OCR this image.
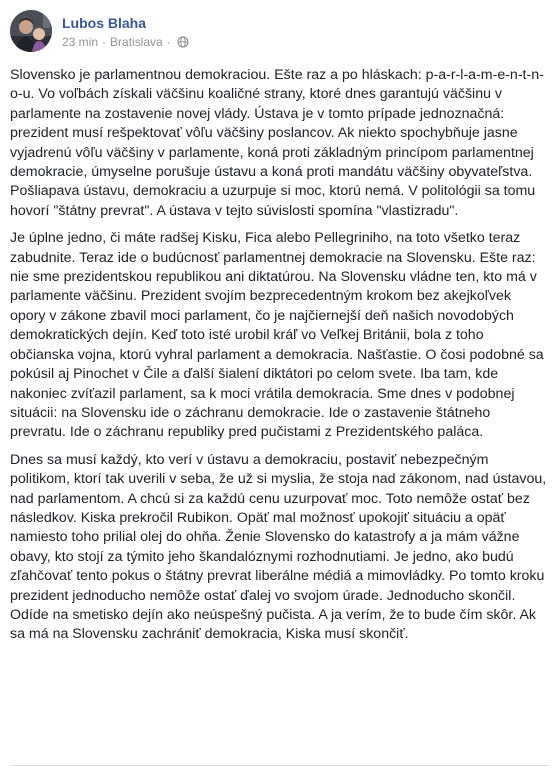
Lubos Blaha
23 min · Bratislava ·

Slovensko je parlamentnou demokraciou. Ešte raz a po hláskach: p-a-r-l-a-m-e-n-t-n-o-u. Vo voľbách získali väčšinu koaličné strany, ktoré dnes garantujú väčšinu v parlamente na zostavenie novej vlády. Ústava je v tomto prípade jednoznačná: prezident musí rešpektovať vôľu väčšiny poslancov. Ak niekto spochybňuje jasne vyjadrenú vôľu väčšiny v parlamente, koná proti základným princípom parlamentnej demokracie, úmyselne porušuje ústavu a koná proti mandátu väčšiny obyvateľstva. Pošliapava ústavu, demokraciu a uzurpuje si moc, ktorú nemá. V politológii sa tomu hovorí "štátny prevrat". A ústava v tejto súvislosti spomína "vlastizradu".

Je úplne jedno, či máte radšej Kisku, Fica alebo Pellegriniho, na toto všetko teraz zabudnite. Teraz ide o budúcnosť parlamentnej demokracie na Slovensku. Ešte raz: nie sme prezidentskou republikou ani diktatúrou. Na Slovensku vládne ten, kto má v parlamente väčšinu. Prezident svojím bezprecedentným krokom bez akejkoľvek opory v zákone zbavil moci parlament, čo je najčiernejší deň našich novodobých demokratických dejín. Keď toto isté urobil kráľ vo Veľkej Británii, bola z toho občianska vojna, ktorú vyhral parlament a demokracia. Našťastie. O čosi podobné sa pokúsil aj Pinochet v Čile a ďalší šialení diktátori po celom svete. Iba tam, kde nakoniec zvíťazil parlament, sa k moci vrátila demokracia. Sme dnes v podobnej situácii: na Slovensku ide o záchranu demokracie. Ide o zastavenie štátneho prevratu. Ide o záchranu republiky pred pučistami z Prezidentského paláca.

Dnes sa musí každý, kto verí v ústavu a demokraciu, postaviť nebezpečným politikom, ktorí tak uverili v seba, že už si myslia, že stoja nad zákonom, nad ústavou, nad parlamentom. A chcú si za každú cenu uzurpovať moc. Toto nemôže ostať bez následkov. Kiska prekročil Rubikon. Opäť mal možnosť upokojiť situáciu a opäť namiesto toho prilial olej do ohňa. Ženie Slovensko do katastrofy a ja mám vážne obavy, kto stojí za týmito jeho škandalóznymi rozhodnutiami. Je jedno, ako budú zľahčovať tento pokus o štátny prevrat liberálne médiá a mimovládky. Po tomto kroku prezident jednoducho nemôže ostať ďalej vo svojom úrade. Jednoducho skončil. Odíde na smetisko dejín ako neúspešný pučista. A ja verím, že to bude čím skôr. Ak sa má na Slovensku zachrániť demokracia, Kiska musí skončiť.
